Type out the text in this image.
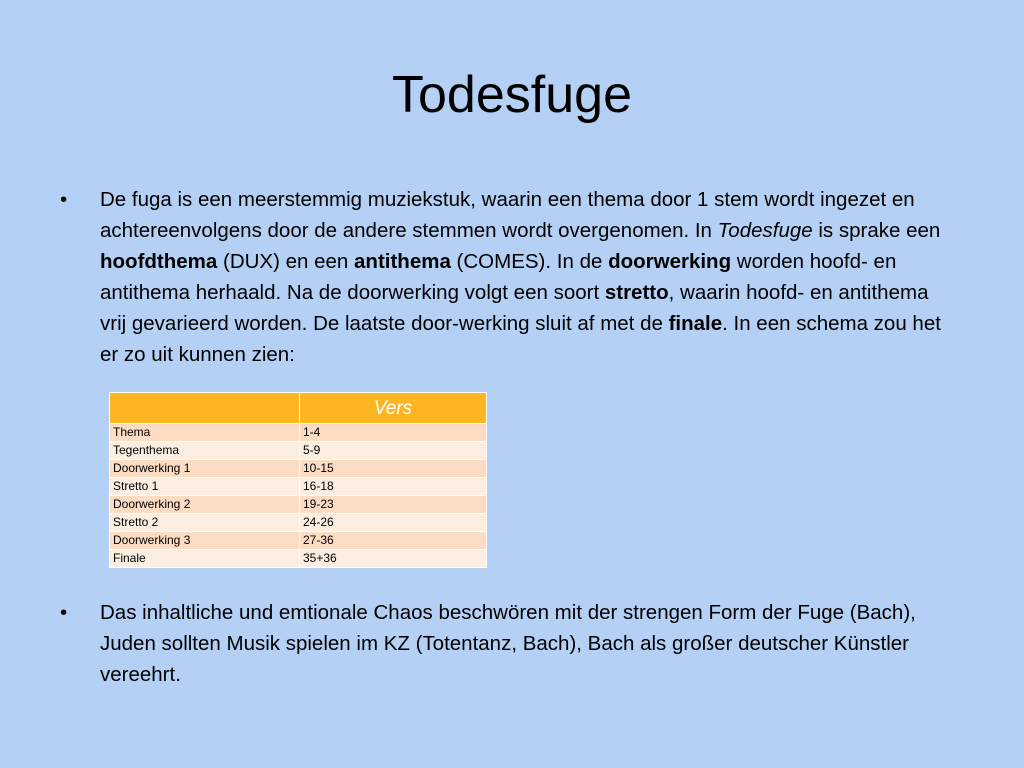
Todesfuge
• De fuga is een meerstemmig muziekstuk, waarin een thema door 1 stem wordt ingezet en achtereenvolgens door de andere stemmen wordt overgenomen. In Todesfuge is sprake een hoofdthema (DUX) en een antithema (COMES). In de doorwerking worden hoofd- en antithema herhaald. Na de doorwerking volgt een soort stretto, waarin hoofd- en antithema vrij gevarieerd worden. De laatste door-werking sluit af met de finale. In een schema zou het er zo uit kunnen zien:
	Vers
Thema	1-4
Tegenthema	5-9
Doorwerking 1	10-15
Stretto 1	16-18
Doorwerking 2	19-23
Stretto 2	24-26
Doorwerking 3	27-36
Finale	35+36
• Das inhaltliche und emtionale Chaos beschwören mit der strengen Form der Fuge (Bach), Juden sollten Musik spielen im KZ (Totentanz, Bach), Bach als großer deutscher Künstler vereehrt.
